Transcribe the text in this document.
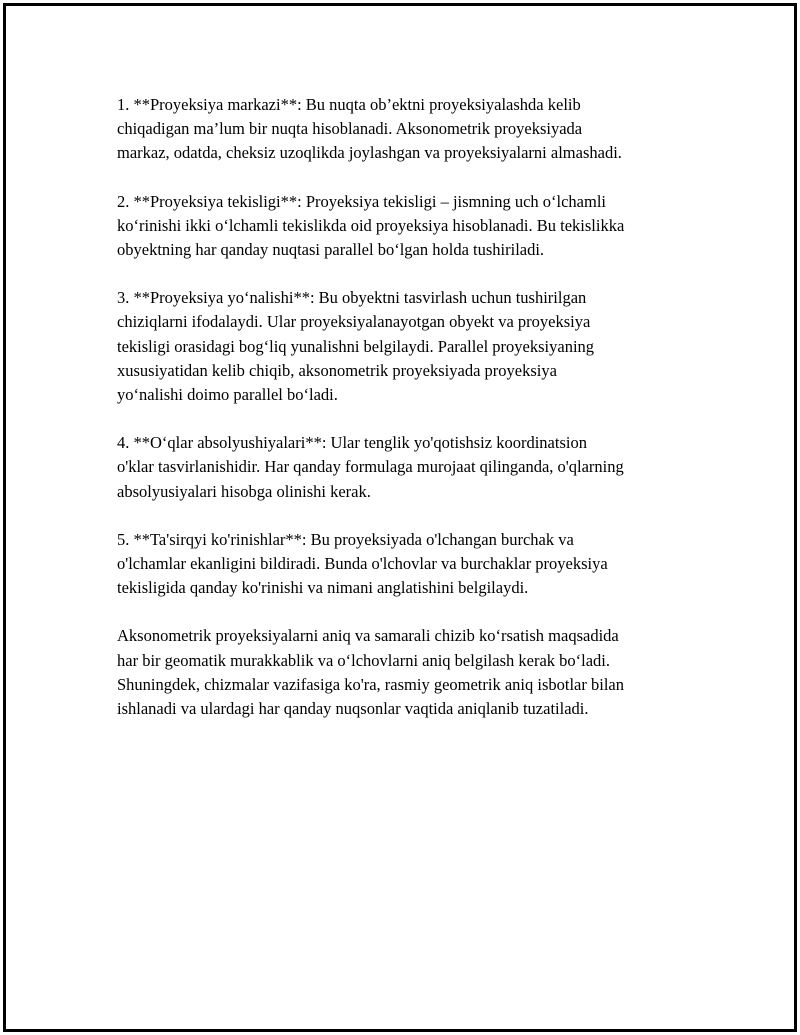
1. **Proyeksiya markazi**: Bu nuqta ob’ektni proyeksiyalashda kelib
chiqadigan ma’lum bir nuqta hisoblanadi. Aksonometrik proyeksiyada
markaz, odatda, cheksiz uzoqlikda joylashgan va proyeksiyalarni almashadi.

2. **Proyeksiya tekisligi**: Proyeksiya tekisligi – jismning uch o‘lchamli
ko‘rinishi ikki o‘lchamli tekislikda oid proyeksiya hisoblanadi. Bu tekislikka
obyektning har qanday nuqtasi parallel bo‘lgan holda tushiriladi.

3. **Proyeksiya yo‘nalishi**: Bu obyektni tasvirlash uchun tushirilgan
chiziqlarni ifodalaydi. Ular proyeksiyalanayotgan obyekt va proyeksiya
tekisligi orasidagi bog‘liq yunalishni belgilaydi. Parallel proyeksiyaning
xususiyatidan kelib chiqib, aksonometrik proyeksiyada proyeksiya
yo‘nalishi doimo parallel bo‘ladi.

4. **O‘qlar absolyushiyalari**: Ular tenglik yo'qotishsiz koordinatsion
o'klar tasvirlanishidir. Har qanday formulaga murojaat qilinganda, o'qlarning
absolyusiyalari hisobga olinishi kerak.

5. **Ta'sirqyi ko'rinishlar**: Bu proyeksiyada o'lchangan burchak va
o'lchamlar ekanligini bildiradi. Bunda o'lchovlar va burchaklar proyeksiya
tekisligida qanday ko'rinishi va nimani anglatishini belgilaydi.

Aksonometrik proyeksiyalarni aniq va samarali chizib ko‘rsatish maqsadida
har bir geomatik murakkablik va o‘lchovlarni aniq belgilash kerak bo‘ladi.
Shuningdek, chizmalar vazifasiga ko'ra, rasmiy geometrik aniq isbotlar bilan
ishlanadi va ulardagi har qanday nuqsonlar vaqtida aniqlanib tuzatiladi.
